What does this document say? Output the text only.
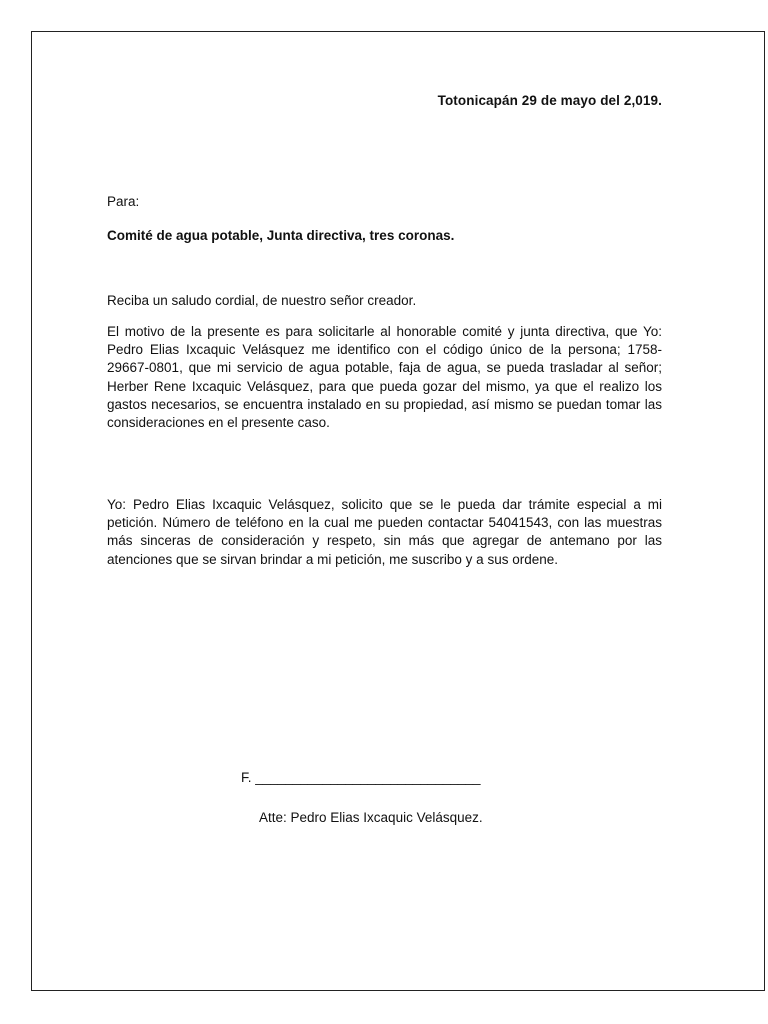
Totonicapán 29 de mayo del 2,019.
Para:
Comité de agua potable, Junta directiva, tres coronas.
Reciba un saludo cordial, de nuestro señor creador.
El motivo de la presente es para solicitarle al honorable comité y junta directiva, que Yo: Pedro Elias Ixcaquic Velásquez me identifico con el código único de la persona; 1758-29667-0801, que mi servicio de agua potable, faja de agua, se pueda trasladar al señor; Herber Rene Ixcaquic Velásquez, para que pueda gozar del mismo, ya que el realizo los gastos necesarios, se encuentra instalado en su propiedad, así mismo se puedan tomar las consideraciones en el presente caso.
Yo: Pedro Elias Ixcaquic Velásquez, solicito que se le pueda dar trámite especial a mi petición. Número de teléfono en la cual me pueden contactar 54041543, con las muestras más sinceras de consideración y respeto, sin más que agregar de antemano por las atenciones que se sirvan brindar a mi petición, me suscribo y a sus ordene.
F. ______________________________
Atte: Pedro Elias Ixcaquic Velásquez.
